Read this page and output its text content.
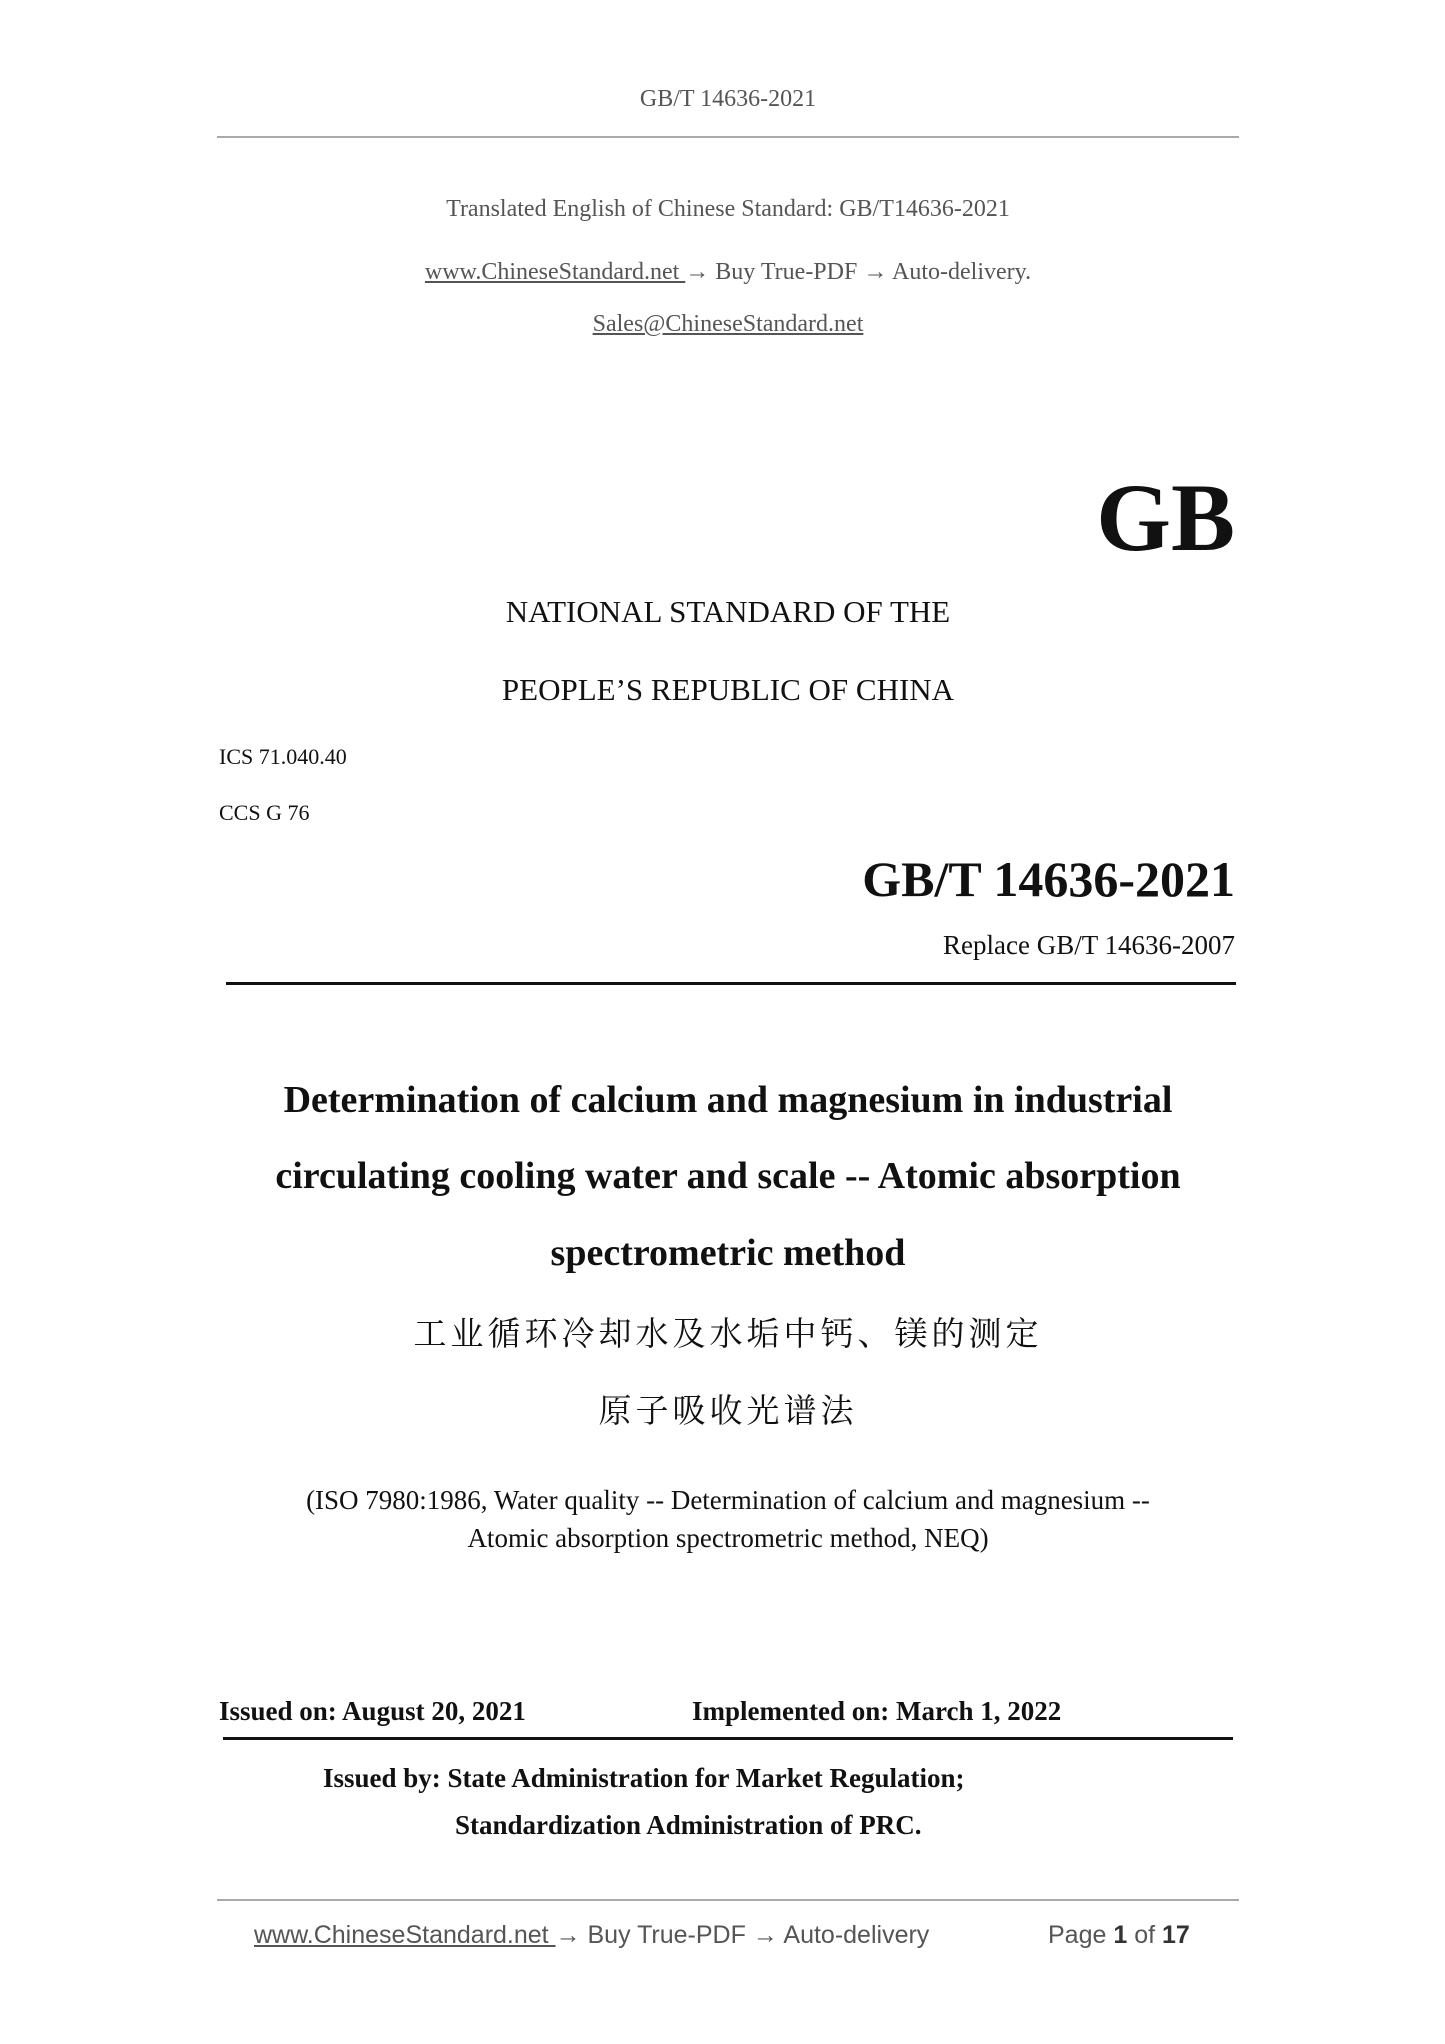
GB/T 14636-2021
Translated English of Chinese Standard: GB/T14636-2021
www.ChineseStandard.net → Buy True-PDF → Auto-delivery.
Sales@ChineseStandard.net
GB
NATIONAL STANDARD OF THE
PEOPLE’S REPUBLIC OF CHINA
ICS 71.040.40
CCS G 76
GB/T 14636-2021
Replace GB/T 14636-2007
Determination of calcium and magnesium in industrial
circulating cooling water and scale -- Atomic absorption
spectrometric method
工业循环冷却水及水垢中钙、镁的测定
原子吸收光谱法
(ISO 7980:1986, Water quality -- Determination of calcium and magnesium --
Atomic absorption spectrometric method, NEQ)
Issued on: August 20, 2021	Implemented on: March 1, 2022
Issued by: State Administration for Market Regulation;
Standardization Administration of PRC.
www.ChineseStandard.net → Buy True-PDF → Auto-delivery	Page 1 of 17
